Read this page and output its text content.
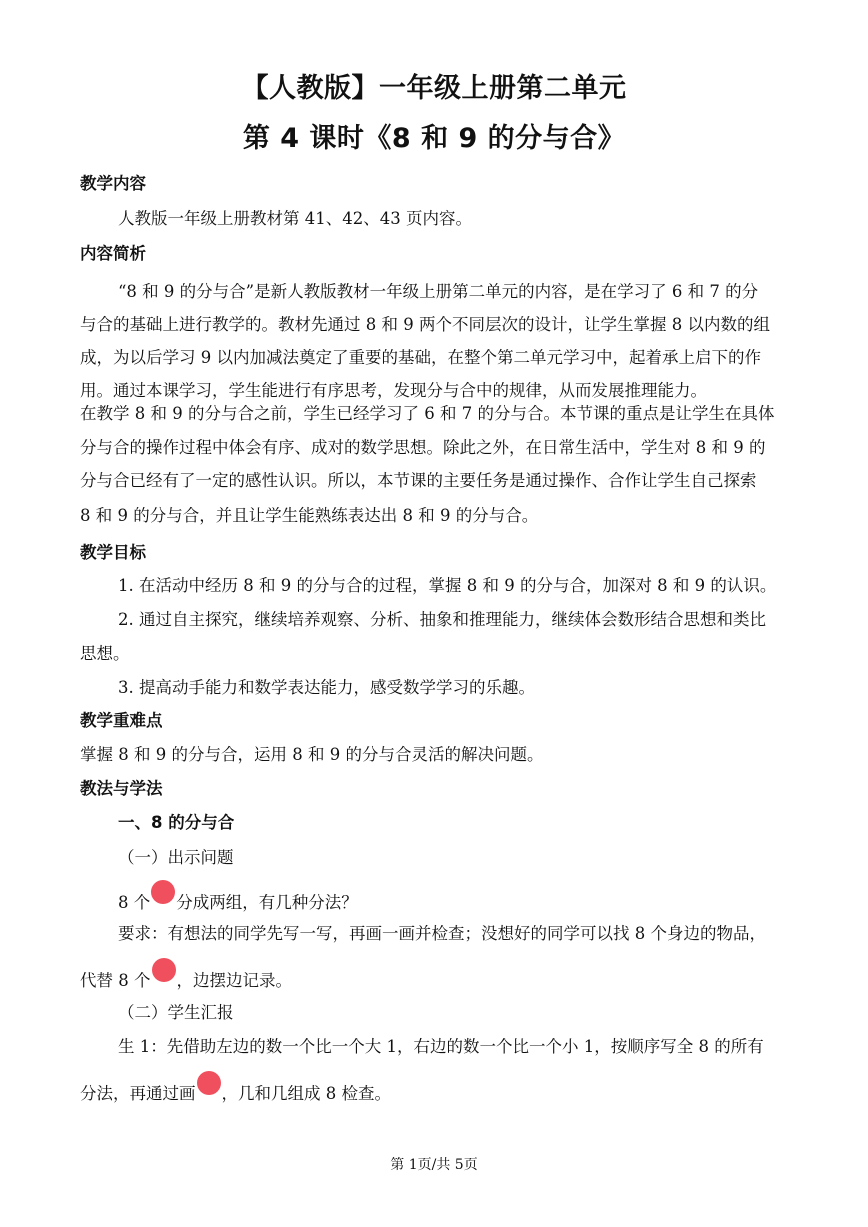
【人教版】一年级上册第二单元
第 4 课时《8 和 9 的分与合》
教学内容
人教版一年级上册教材第 41、42、43 页内容。
内容简析
“8 和 9 的分与合”是新人教版教材一年级上册第二单元的内容，是在学习了 6 和 7 的分
与合的基础上进行教学的。教材先通过 8 和 9 两个不同层次的设计，让学生掌握 8 以内数的组
成，为以后学习 9 以内加减法奠定了重要的基础，在整个第二单元学习中，起着承上启下的作
用。通过本课学习，学生能进行有序思考，发现分与合中的规律，从而发展推理能力。
在教学 8 和 9 的分与合之前，学生已经学习了 6 和 7 的分与合。本节课的重点是让学生在具体
分与合的操作过程中体会有序、成对的数学思想。除此之外，在日常生活中，学生对 8 和 9 的
分与合已经有了一定的感性认识。所以，本节课的主要任务是通过操作、合作让学生自己探索
8 和 9 的分与合，并且让学生能熟练表达出 8 和 9 的分与合。
教学目标
1. 在活动中经历 8 和 9 的分与合的过程，掌握 8 和 9 的分与合，加深对 8 和 9 的认识。
2. 通过自主探究，继续培养观察、分析、抽象和推理能力，继续体会数形结合思想和类比
思想。
3. 提高动手能力和数学表达能力，感受数学学习的乐趣。
教学重难点
掌握 8 和 9 的分与合，运用 8 和 9 的分与合灵活的解决问题。
教法与学法
一、8 的分与合
（一）出示问题
8 个 分成两组，有几种分法？
要求：有想法的同学先写一写，再画一画并检查；没想好的同学可以找 8 个身边的物品，
代替 8 个 ，边摆边记录。
（二）学生汇报
生 1：先借助左边的数一个比一个大 1，右边的数一个比一个小 1，按顺序写全 8 的所有
分法，再通过画 ，几和几组成 8 检查。
第 1页/共 5页
